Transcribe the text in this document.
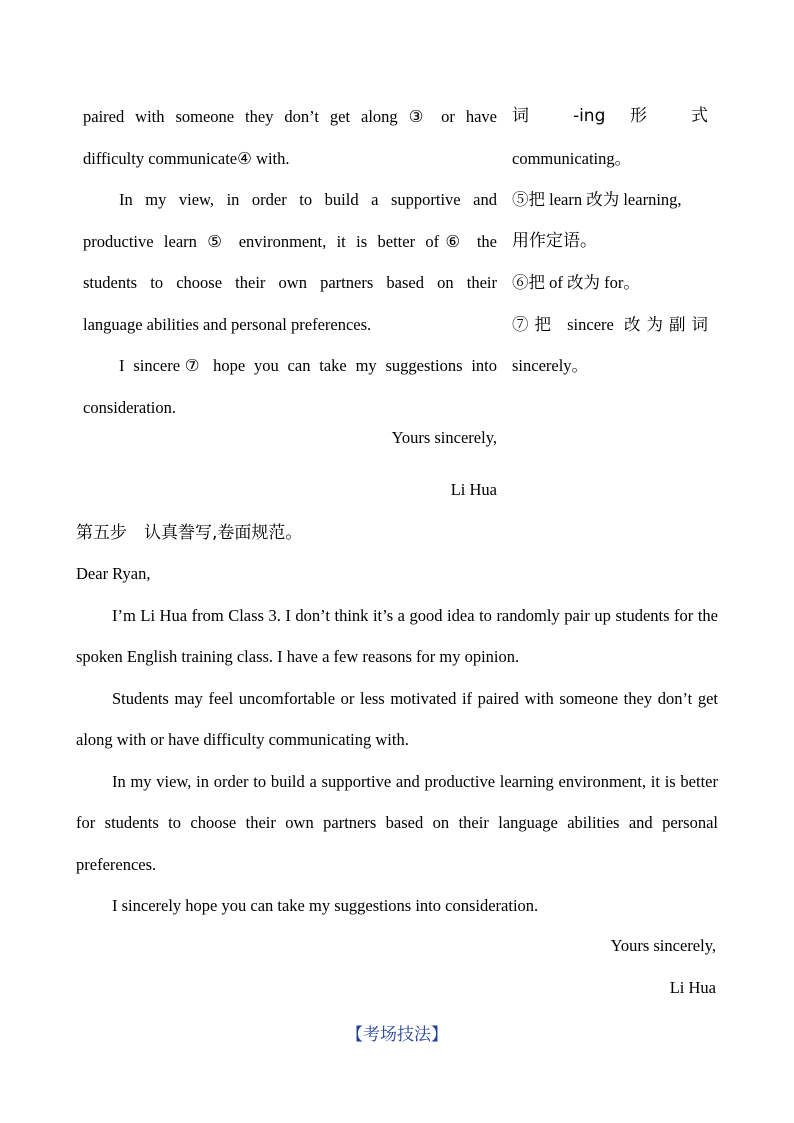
paired with someone they don’t get along ③ or have

difficulty communicate④ with.

In my view, in order to build a supportive and

productive learn ⑤ environment, it is better of⑥ the

students to choose their own partners based on their

language abilities and personal preferences.

I sincere⑦ hope you can take my suggestions into

consideration.

Yours sincerely,
Li Hua

词 -ing 形 式

communicating。

⑤把 learn 改为 learning,

用作定语。

⑥把 of 改为 for。

⑦把 sincere 改为副词

sincerely。

第五步　认真誊写,卷面规范。

Dear Ryan,

I’m Li Hua from Class 3. I don’t think it’s a good idea to randomly pair up students for the spoken English training class. I have a few reasons for my opinion.

Students may feel uncomfortable or less motivated if paired with someone they don’t get along with or have difficulty communicating with.

In my view, in order to build a supportive and productive learning environment, it is better for students to choose their own partners based on their language abilities and personal preferences.

I sincerely hope you can take my suggestions into consideration.

Yours sincerely,
Li Hua
【考场技法】
